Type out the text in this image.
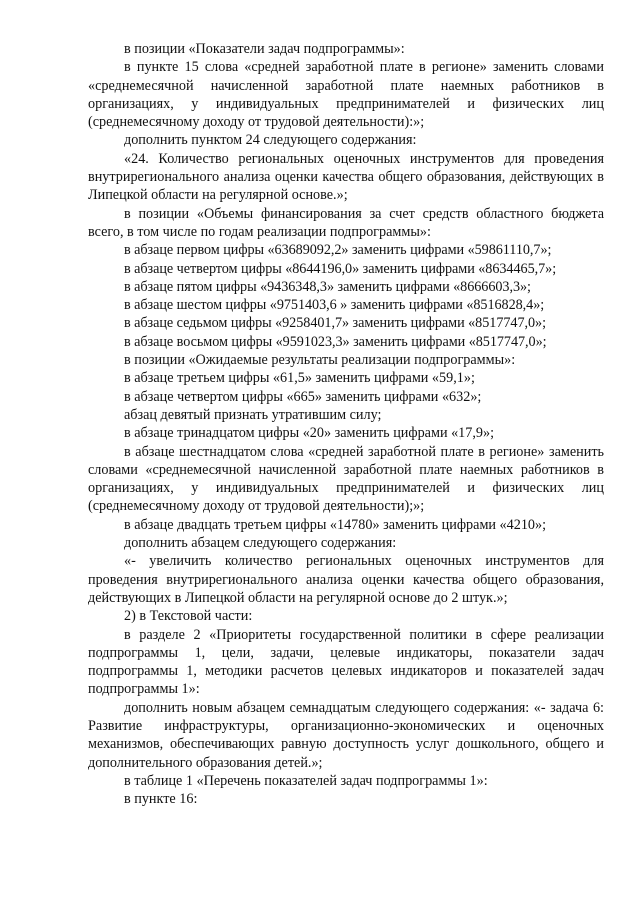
в позиции «Показатели задач подпрограммы»:

в пункте 15 слова «средней заработной плате в регионе» заменить словами «среднемесячной начисленной заработной плате наемных работников в организациях, у индивидуальных предпринимателей и физических лиц (среднемесячному доходу от трудовой деятельности):»;

дополнить пунктом 24 следующего содержания:

«24. Количество региональных оценочных инструментов для проведения внутрирегионального анализа оценки качества общего образования, действующих в Липецкой области на регулярной основе.»;

в позиции «Объемы финансирования за счет средств областного бюджета всего, в том числе по годам реализации подпрограммы»:

в абзаце первом цифры «63689092,2» заменить цифрами «59861110,7»;

в абзаце четвертом цифры «8644196,0» заменить цифрами «8634465,7»;

в абзаце пятом цифры «9436348,3» заменить цифрами «8666603,3»;

в абзаце шестом цифры «9751403,6 » заменить цифрами «8516828,4»;

в абзаце седьмом цифры «9258401,7» заменить цифрами «8517747,0»;

в абзаце восьмом цифры «9591023,3» заменить цифрами «8517747,0»;

в позиции «Ожидаемые результаты реализации подпрограммы»:

в абзаце третьем цифры «61,5» заменить цифрами «59,1»;

в абзаце четвертом цифры «665» заменить цифрами «632»;

абзац девятый признать утратившим силу;

в абзаце тринадцатом цифры «20» заменить цифрами «17,9»;

в абзаце шестнадцатом слова «средней заработной плате в регионе» заменить словами «среднемесячной начисленной заработной плате наемных работников в организациях, у индивидуальных предпринимателей и физических лиц (среднемесячному доходу от трудовой деятельности);»;

в абзаце двадцать третьем цифры «14780» заменить цифрами «4210»;

дополнить абзацем следующего содержания:

«- увеличить количество региональных оценочных инструментов для проведения внутрирегионального анализа оценки качества общего образования, действующих в Липецкой области на регулярной основе до 2 штук.»;

2) в Текстовой части:

в разделе 2 «Приоритеты государственной политики в сфере реализации подпрограммы 1, цели, задачи, целевые индикаторы, показатели задач подпрограммы 1, методики расчетов целевых индикаторов и показателей задач подпрограммы 1»:

дополнить новым абзацем семнадцатым следующего содержания: «- задача 6: Развитие инфраструктуры, организационно-экономических и оценочных механизмов, обеспечивающих равную доступность услуг дошкольного, общего и дополнительного образования детей.»;

в таблице 1 «Перечень показателей задач подпрограммы 1»:

в пункте 16:
